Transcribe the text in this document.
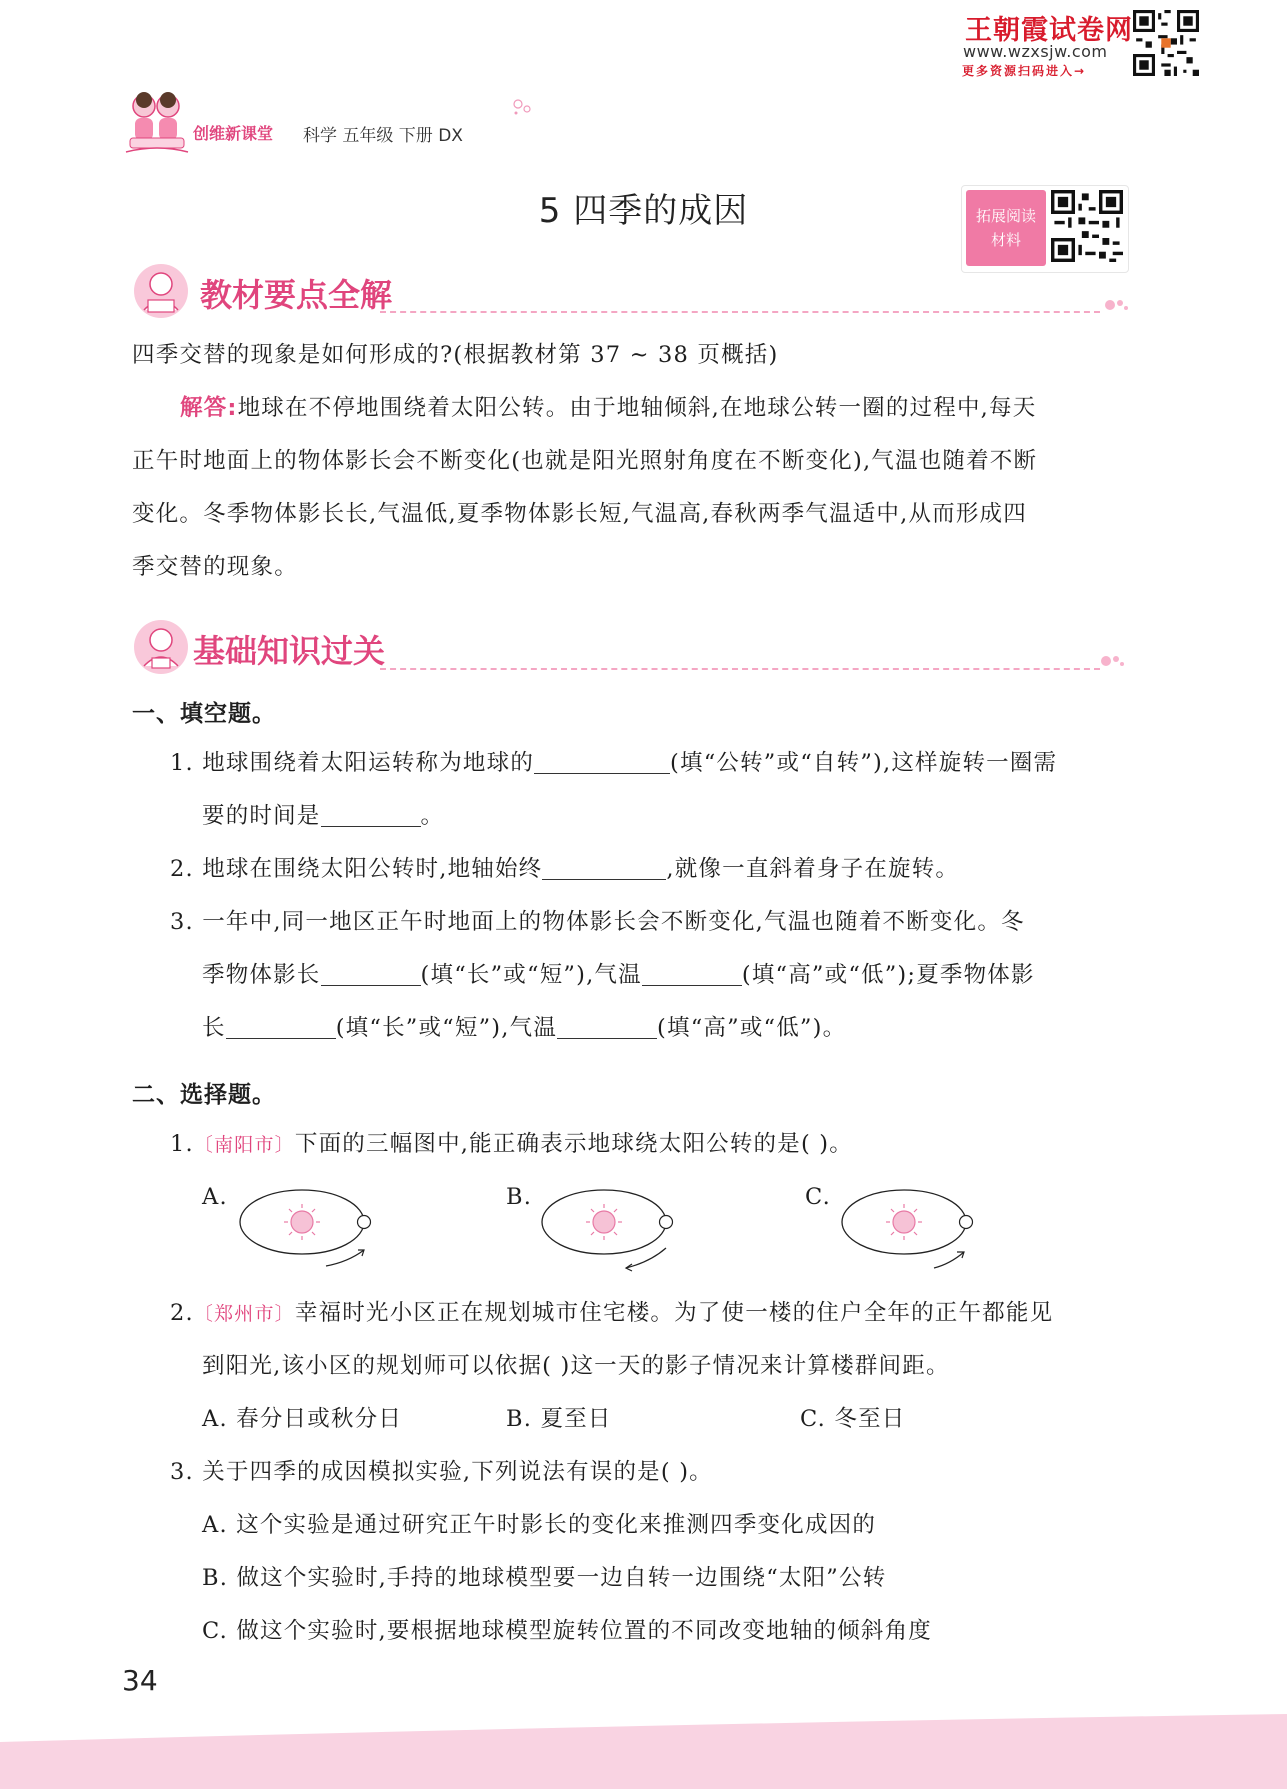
王朝霞试卷网
www.wzxsjw.com
更多资源扫码进入→
创维新课堂 科学 五年级 下册 DX
5 四季的成因	拓展阅读
材料
教材要点全解
四季交替的现象是如何形成的?(根据教材第 37 ~ 38 页概括)
解答:地球在不停地围绕着太阳公转。由于地轴倾斜,在地球公转一圈的过程中,每天
正午时地面上的物体影长会不断变化(也就是阳光照射角度在不断变化),气温也随着不断
变化。冬季物体影长长,气温低,夏季物体影长短,气温高,春秋两季气温适中,从而形成四
季交替的现象。
基础知识过关
一、填空题。
1. 地球围绕着太阳运转称为地球的	(填“公转”或“自转”),这样旋转一圈需
要的时间是	。
2. 地球在围绕太阳公转时,地轴始终	,就像一直斜着身子在旋转。
3. 一年中,同一地区正午时地面上的物体影长会不断变化,气温也随着不断变化。冬
季物体影长	(填“长”或“短”),气温	(填“高”或“低”);夏季物体影
长	(填“长”或“短”),气温	(填“高”或“低”)。
二、选择题。
1.〔南阳市〕下面的三幅图中,能正确表示地球绕太阳公转的是( )。
A.	B.	C.
2.〔郑州市〕幸福时光小区正在规划城市住宅楼。为了使一楼的住户全年的正午都能见
到阳光,该小区的规划师可以依据( )这一天的影子情况来计算楼群间距。
A. 春分日或秋分日	B. 夏至日	C. 冬至日
3. 关于四季的成因模拟实验,下列说法有误的是( )。
A. 这个实验是通过研究正午时影长的变化来推测四季变化成因的
B. 做这个实验时,手持的地球模型要一边自转一边围绕“太阳”公转
C. 做这个实验时,要根据地球模型旋转位置的不同改变地轴的倾斜角度
34
